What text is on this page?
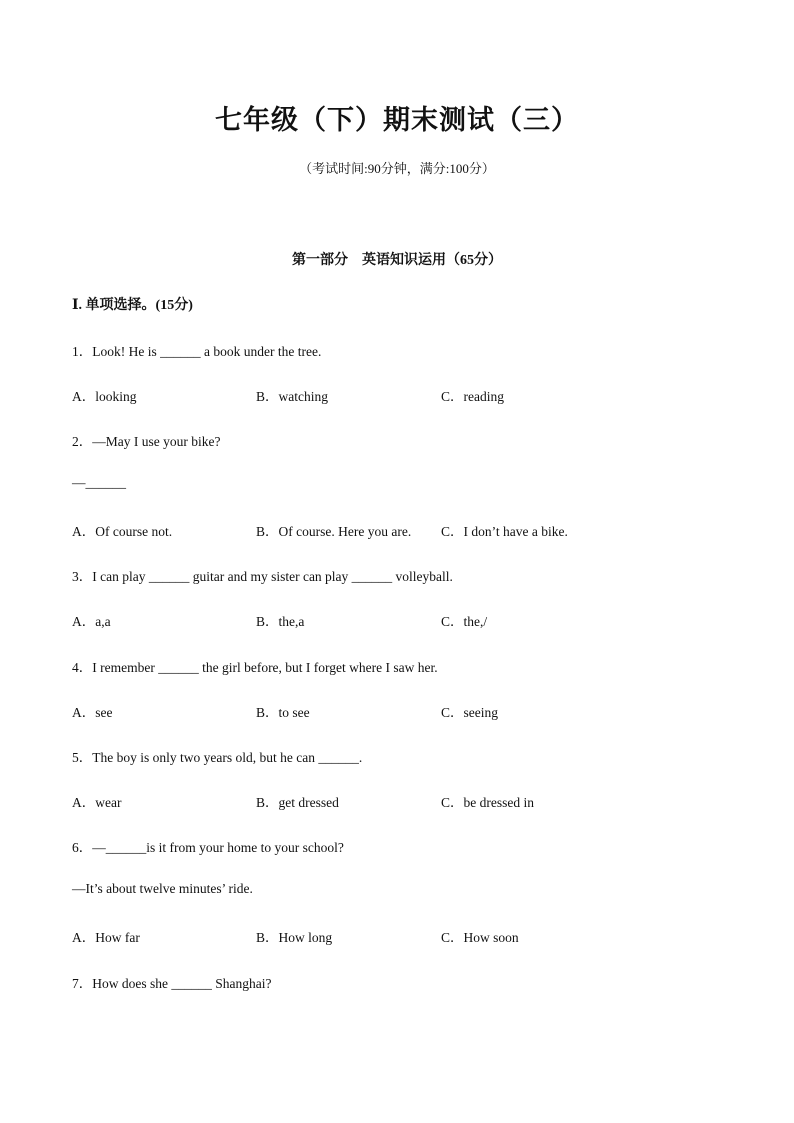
七年级（下）期末测试（三）
（考试时间:90分钟，满分:100分）
第一部分　英语知识运用（65分）
Ⅰ. 单项选择。(15分)
1．Look! He is ______ a book under the tree.
A．looking	B．watching	C．reading
2．—May I use your bike?
—______
A．Of course not.	B．Of course. Here you are. C．I don’t have a bike.
3．I can play ______ guitar and my sister can play ______ volleyball.
A．a,a	B．the,a	C．the,/
4．I remember ______ the girl before, but I forget where I saw her.
A．see	B．to see	C．seeing
5．The boy is only two years old, but he can ______.
A．wear	B．get dressed	C．be dressed in
6．—______is it from your home to your school?
—It’s about twelve minutes’ ride.
A．How far	B．How long	C．How soon
7．How does she ______ Shanghai?
